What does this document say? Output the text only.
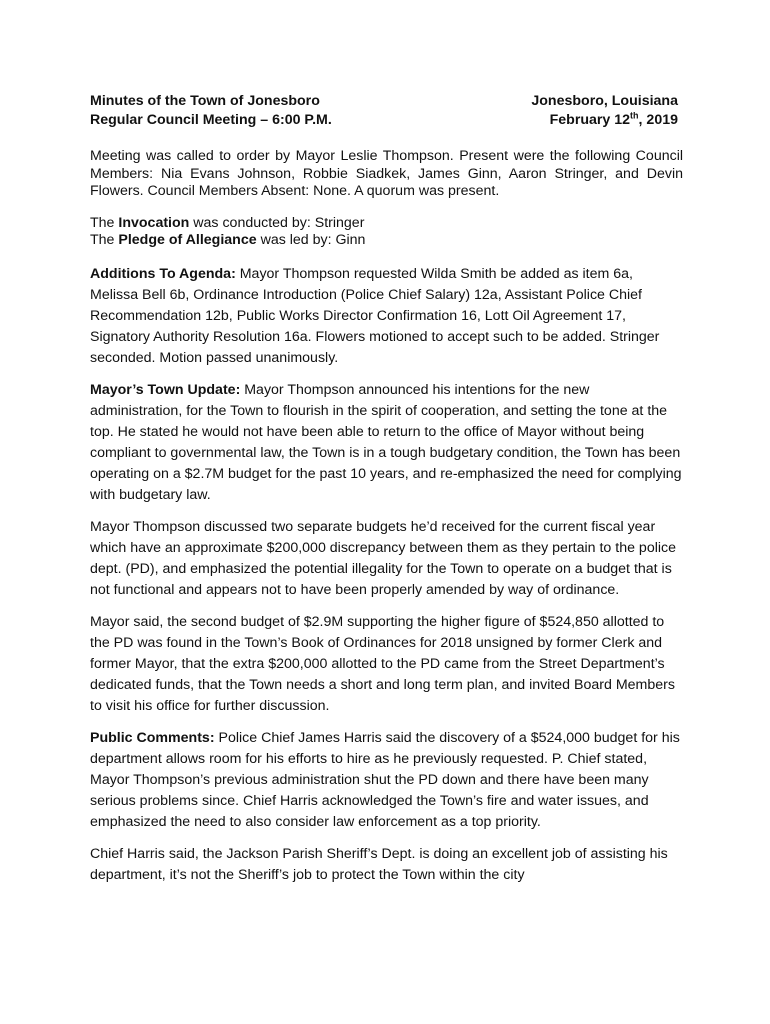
Minutes of the Town of Jonesboro	Jonesboro, Louisiana
Regular Council Meeting – 6:00 P.M.	February 12th, 2019
Meeting was called to order by Mayor Leslie Thompson. Present were the following Council Members: Nia Evans Johnson, Robbie Siadkek, James Ginn, Aaron Stringer, and Devin Flowers. Council Members Absent: None. A quorum was present.
The Invocation was conducted by: Stringer
The Pledge of Allegiance was led by: Ginn
Additions To Agenda: Mayor Thompson requested Wilda Smith be added as item 6a, Melissa Bell 6b, Ordinance Introduction (Police Chief Salary) 12a, Assistant Police Chief Recommendation 12b, Public Works Director Confirmation 16, Lott Oil Agreement 17, Signatory Authority Resolution 16a. Flowers motioned to accept such to be added. Stringer seconded. Motion passed unanimously.
Mayor’s Town Update: Mayor Thompson announced his intentions for the new administration, for the Town to flourish in the spirit of cooperation, and setting the tone at the top. He stated he would not have been able to return to the office of Mayor without being compliant to governmental law, the Town is in a tough budgetary condition, the Town has been operating on a $2.7M budget for the past 10 years, and re-emphasized the need for complying with budgetary law.
Mayor Thompson discussed two separate budgets he’d received for the current fiscal year which have an approximate $200,000 discrepancy between them as they pertain to the police dept. (PD), and emphasized the potential illegality for the Town to operate on a budget that is not functional and appears not to have been properly amended by way of ordinance.
Mayor said, the second budget of $2.9M supporting the higher figure of $524,850 allotted to the PD was found in the Town’s Book of Ordinances for 2018 unsigned by former Clerk and former Mayor, that the extra $200,000 allotted to the PD came from the Street Department’s dedicated funds, that the Town needs a short and long term plan, and invited Board Members to visit his office for further discussion.
Public Comments: Police Chief James Harris said the discovery of a $524,000 budget for his department allows room for his efforts to hire as he previously requested. P. Chief stated, Mayor Thompson’s previous administration shut the PD down and there have been many serious problems since. Chief Harris acknowledged the Town’s fire and water issues, and emphasized the need to also consider law enforcement as a top priority.
Chief Harris said, the Jackson Parish Sheriff’s Dept. is doing an excellent job of assisting his department, it’s not the Sheriff’s job to protect the Town within the city
